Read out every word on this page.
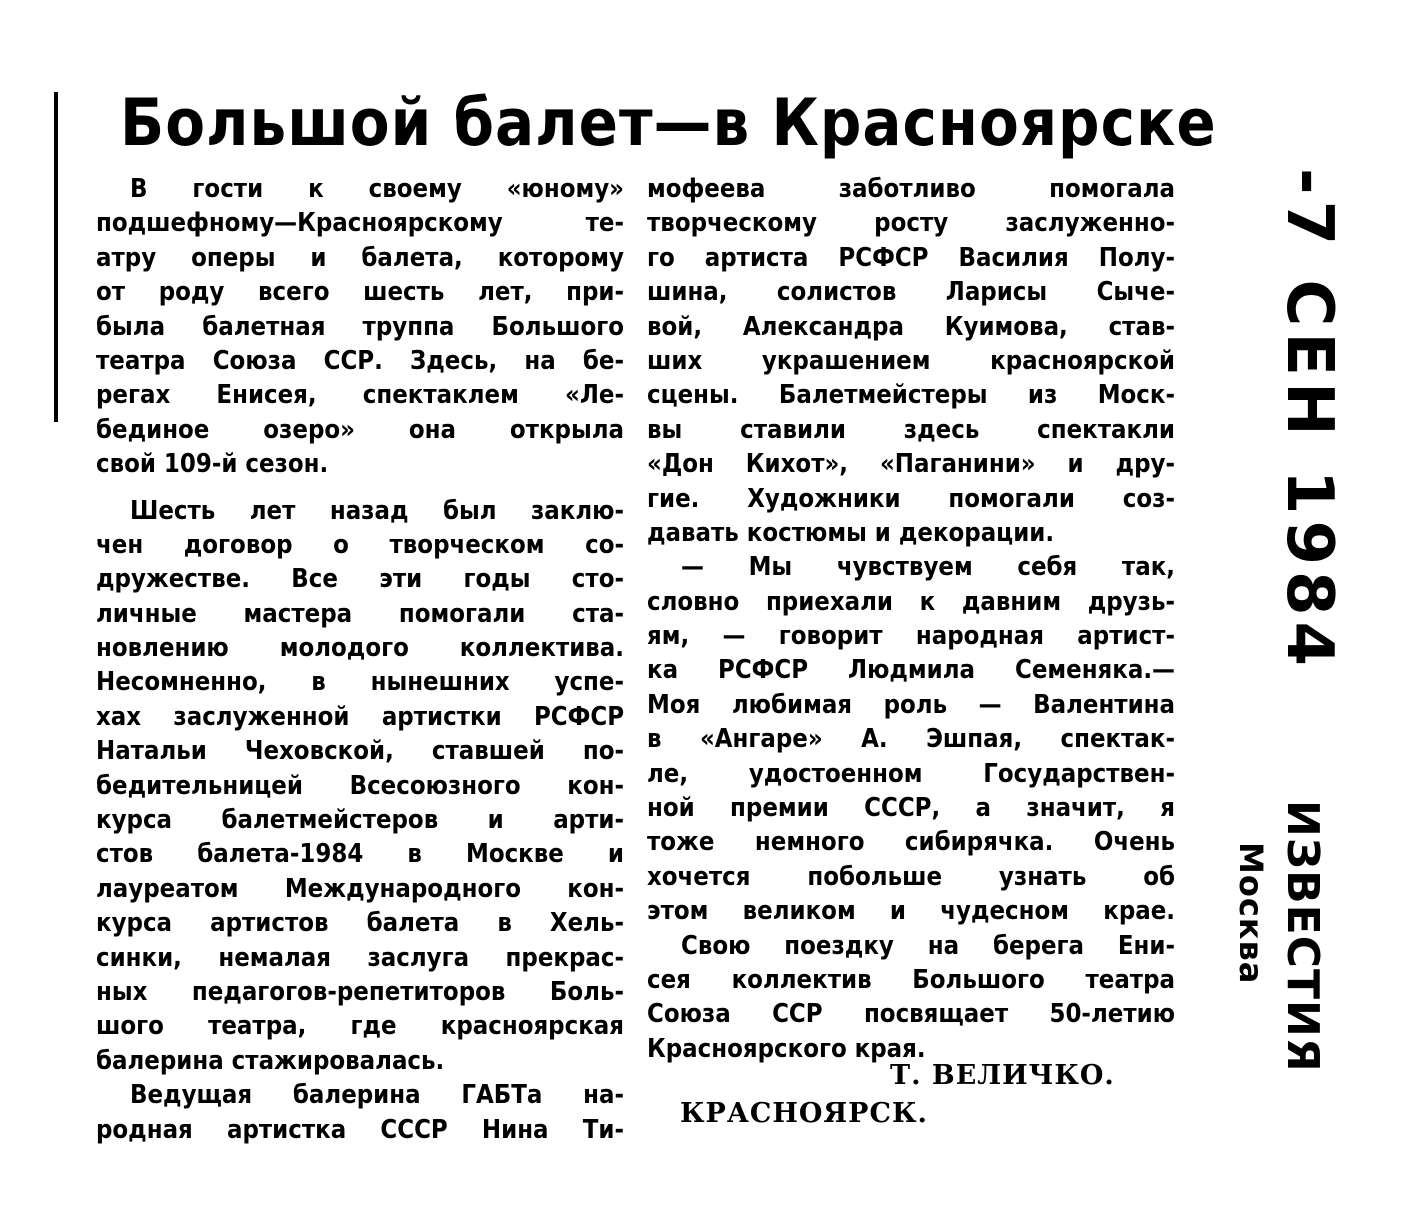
Большой балет—в Красноярске
В гости к своему «юному»
подшефному—Красноярскому те-
атру оперы и балета, которому
от роду всего шесть лет, при-
была балетная труппа Большого
театра Союза ССР. Здесь, на бе-
регах Енисея, спектаклем «Ле-
бединое озеро» она открыла
свой 109-й сезон.
Шесть лет назад был заклю-
чен договор о творческом со-
дружестве. Все эти годы сто-
личные мастера помогали ста-
новлению молодого коллектива.
Несомненно, в нынешних успе-
хах заслуженной артистки РСФСР
Натальи Чеховской, ставшей по-
бедительницей Всесоюзного кон-
курса балетмейстеров и арти-
стов балета-1984 в Москве и
лауреатом Международного кон-
курса артистов балета в Хель-
синки, немалая заслуга прекрас-
ных педагогов-репетиторов Боль-
шого театра, где красноярская
балерина стажировалась.
Ведущая балерина ГАБТа на-
родная артистка СССР Нина Ти-
мофеева заботливо помогала
творческому росту заслуженно-
го артиста РСФСР Василия Полу-
шина, солистов Ларисы Сыче-
вой, Александра Куимова, став-
ших украшением красноярской
сцены. Балетмейстеры из Моск-
вы ставили здесь спектакли
«Дон Кихот», «Паганини» и дру-
гие. Художники помогали соз-
давать костюмы и декорации.
— Мы чувствуем себя так,
словно приехали к давним друзь-
ям, — говорит народная артист-
ка РСФСР Людмила Семеняка.—
Моя любимая роль — Валентина
в «Ангаре» А. Эшпая, спектак-
ле, удостоенном Государствен-
ной премии СССР, а значит, я
тоже немного сибирячка. Очень
хочется побольше узнать об
этом великом и чудесном крае.
Свою поездку на берега Ени-
сея коллектив Большого театра
Союза ССР посвящает 50-летию
Красноярского края.
Т. ВЕЛИЧКО.
КРАСНОЯРСК.
-7 СЕН 1984
ИЗВЕСТИЯ
Москва
